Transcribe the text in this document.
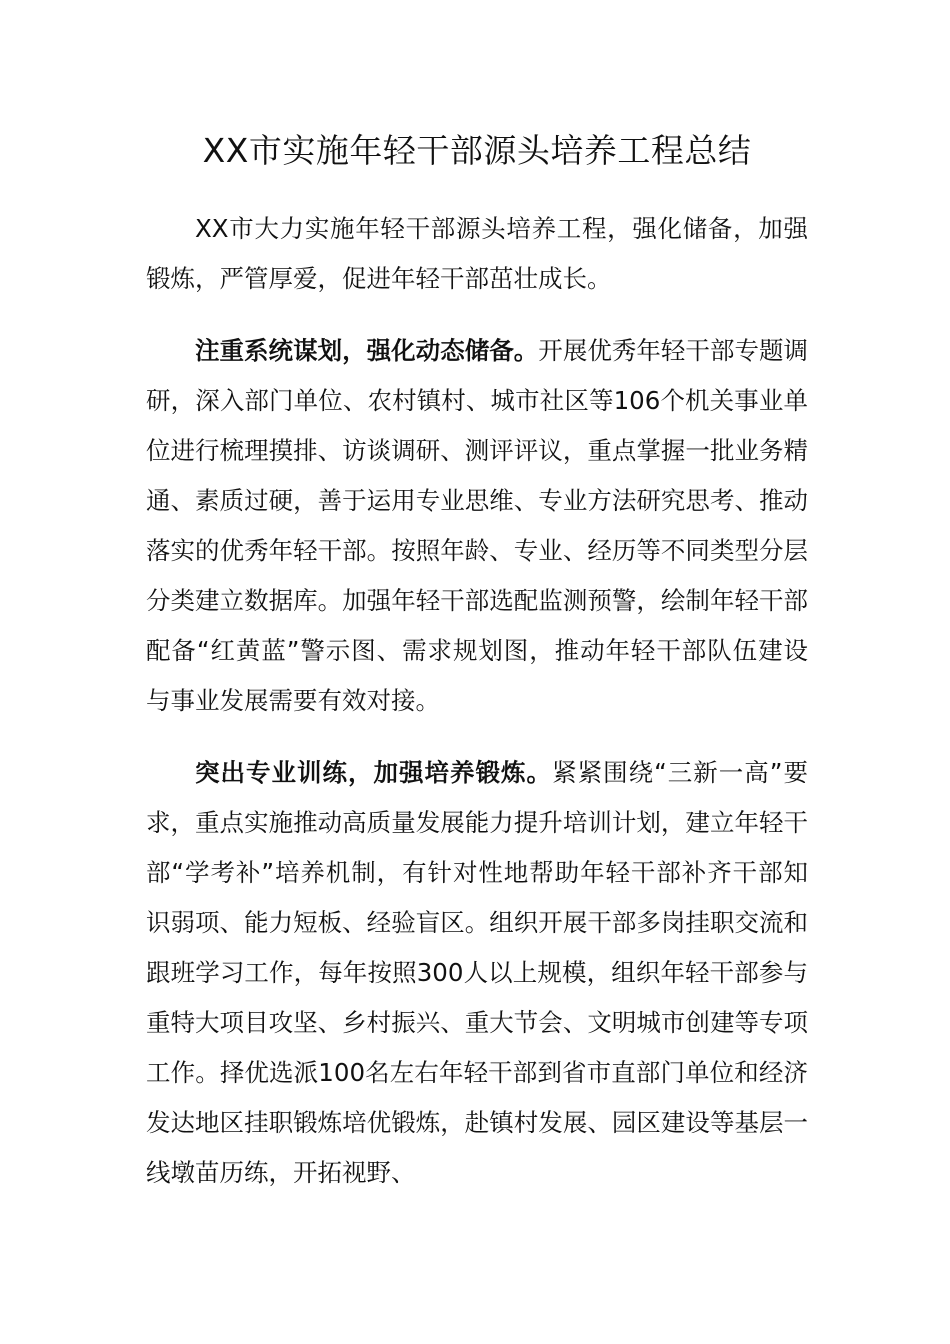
XX市实施年轻干部源头培养工程总结

XX市大力实施年轻干部源头培养工程，强化储备，加强锻炼，严管厚爱，促进年轻干部茁壮成长。

注重系统谋划，强化动态储备。开展优秀年轻干部专题调研，深入部门单位、农村镇村、城市社区等106个机关事业单位进行梳理摸排、访谈调研、测评评议，重点掌握一批业务精通、素质过硬，善于运用专业思维、专业方法研究思考、推动落实的优秀年轻干部。按照年龄、专业、经历等不同类型分层分类建立数据库。加强年轻干部选配监测预警，绘制年轻干部配备“红黄蓝”警示图、需求规划图，推动年轻干部队伍建设与事业发展需要有效对接。

突出专业训练，加强培养锻炼。紧紧围绕“三新一高”要求，重点实施推动高质量发展能力提升培训计划，建立年轻干部“学考补”培养机制，有针对性地帮助年轻干部补齐干部知识弱项、能力短板、经验盲区。组织开展干部多岗挂职交流和跟班学习工作，每年按照300人以上规模，组织年轻干部参与重特大项目攻坚、乡村振兴、重大节会、文明城市创建等专项工作。择优选派100名左右年轻干部到省市直部门单位和经济发达地区挂职锻炼培优锻炼，赴镇村发展、园区建设等基层一线墩苗历练，开拓视野、
